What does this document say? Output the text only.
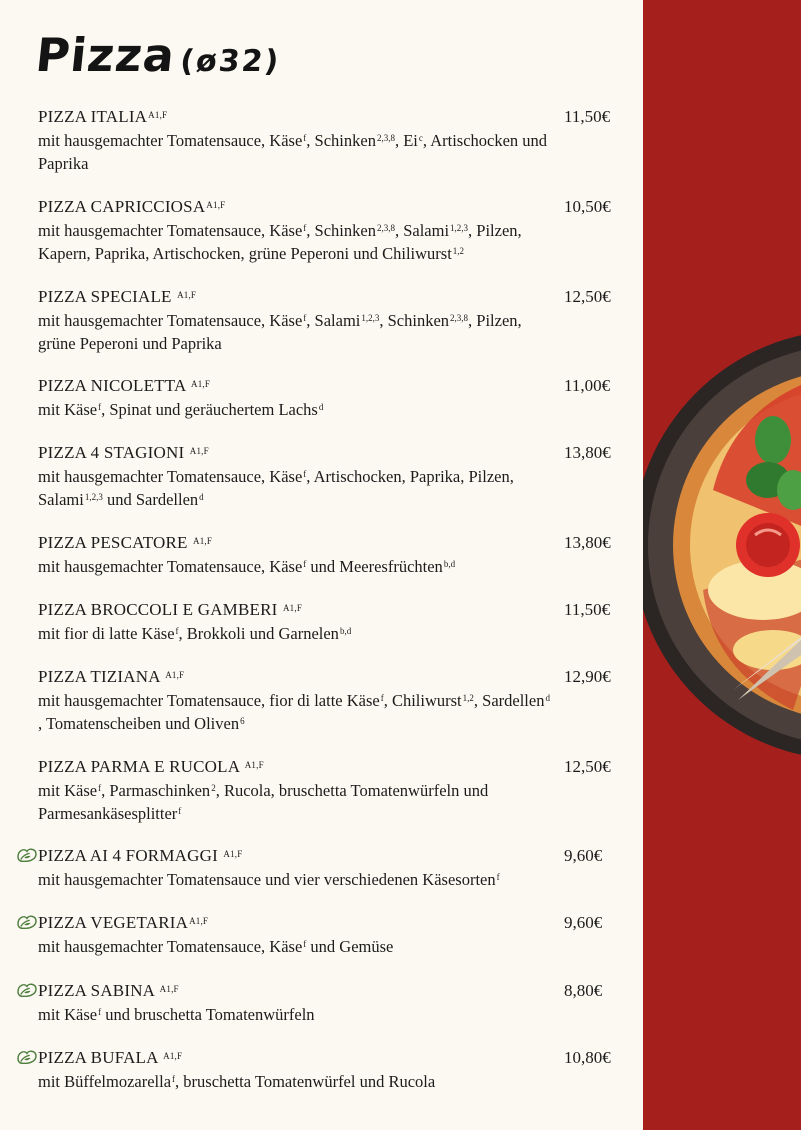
Pizza(ø32)
PIZZA $ITALIA^{A1,F}$	11,50€
mit hausgemachter Tomatensauce, Käse$^f$, Schinken$^{2,3,8}$, Ei$^c$, Artischocken und Paprika
PIZZA $CAPRICCIOSA^{A1,F}$	10,50€
mit hausgemachter Tomatensauce, Käse$^f$, Schinken$^{2,3,8}$, Salami$^{1,2,3}$, Pilzen, Kapern, Paprika, Artischocken, grüne Peperoni und Chiliwurst$^{1,2}$
PIZZA SPECIALE $^{A1,F}$	12,50€
mit hausgemachter Tomatensauce, Käse$^f$, Salami$^{1,2,3}$, Schinken$^{2,3,8}$, Pilzen, grüne Peperoni und Paprika
PIZZA NICOLETTA $^{A1,F}$	11,00€
mit Käse$^f$, Spinat und geräuchertem Lachs$^d$
PIZZA 4 STAGIONI $^{A1,F}$	13,80€
mit hausgemachter Tomatensauce, Käse$^f$, Artischocken, Paprika, Pilzen, Salami$^{1,2,3}$ und Sardellen$^d$
PIZZA PESCATORE $^{A1,F}$	13,80€
mit hausgemachter Tomatensauce, Käse$^f$ und Meeresfrüchten$^{b,d}$
PIZZA BROCCOLI E GAMBERI $^{A1,F}$	11,50€
mit fior di latte Käse$^f$, Brokkoli und Garnelen$^{b,d}$
PIZZA TIZIANA $^{A1,F}$	12,90€
mit hausgemachter Tomatensauce, fior di latte Käse$^f$, Chiliwurst$^{1,2}$, Sardellen$^d$ , Tomatenscheiben und Oliven$^6$
PIZZA PARMA E RUCOLA $^{A1,F}$	12,50€
mit Käse$^f$, Parmaschinken$^2$, Rucola, bruschetta Tomatenwürfeln und Parmesankäsesplitter$^f$
PIZZA AI 4 FORMAGGI $^{A1,F}$	9,60€
mit hausgemachter Tomatensauce und vier verschiedenen Käsesorten$^f$
PIZZA $VEGETARIA^{A1,F}$	9,60€
mit hausgemachter Tomatensauce, Käse$^f$ und Gemüse
PIZZA SABINA $^{A1,F}$	8,80€
mit Käse$^f$ und bruschetta Tomatenwürfeln
PIZZA BUFALA $^{A1,F}$	10,80€
mit Büffelmozarella$^f$, bruschetta Tomatenwürfel und Rucola
